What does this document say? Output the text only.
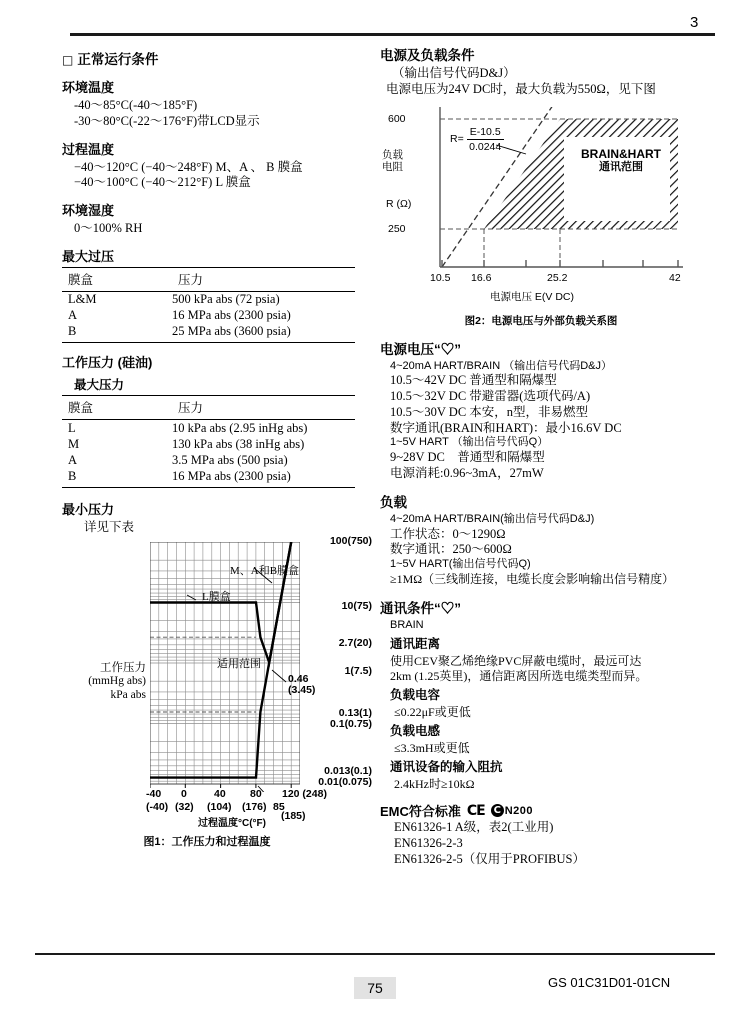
3
□ 正常运行条件
环境温度
-40～85°C(-40～185°F)
-30～80°C(-22～176°F)带LCD显示
过程温度
−40～120°C (−40～248°F) M、A 、 B 膜盒
−40～100°C (−40～212°F) L 膜盒
环境湿度
0～100% RH
最大过压
膜盒	压力
L&M	500 kPa abs (72 psia)
A	16 MPa abs (2300 psia)
B	25 MPa abs (3600 psia)

工作压力 (硅油)
最大压力
膜盒	压力
L	10 kPa abs (2.95 inHg abs)
M	130 kPa abs (38 inHg abs)
A	3.5 MPa abs (500 psia)
B	16 MPa abs (2300 psia)

最小压力
详见下表
100(750)
10(75)
2.7(20)
1(7.5)
0.13(1)
0.1(0.75)
0.013(0.1)
0.01(0.075)
工作压力
(mmHg abs)
kPa abs
M、A和B膜盒
L膜盒
适用范围
0.46
(3.45)
-40
(-40)
0
(32)
40
(104)
80
(176)
120 (248)
85
(185)
过程温度°C(°F)
图1：工作压力和过程温度
电源及负载条件
（输出信号代码D&J）
电源电压为24V DC时，最大负载为550Ω，见下图
600
250
负载
电阻
R (Ω)
$R= \frac{E-10.5}{0.0244}$
BRAIN&HART
通讯范围
10.5 16.6	25.2	42
电源电压 E(V DC)
图2：电源电压与外部负载关系图
电源电压“♡”
4~20mA HART/BRAIN （输出信号代码D&J）
10.5～42V DC 普通型和隔爆型
10.5～32V DC 带避雷器(选项代码/A)
10.5～30V DC 本安，n型，非易燃型
数字通讯(BRAIN和HART)：最小16.6V DC
1~5V HART （输出信号代码Q）
9~28V DC　普通型和隔爆型
电源消耗:0.96~3mA，27mW
负载
4~20mA HART/BRAIN(输出信号代码D&J)
工作状态：0～1290Ω
数字通讯：250～600Ω
1~5V HART(输出信号代码Q)
≥1MΩ（三线制连接，电缆长度会影响输出信号精度）
通讯条件“♡”
BRAIN
通讯距离
使用CEV聚乙烯绝缘PVC屏蔽电缆时，最远可达
2km (1.25英里)，通信距离因所选电缆类型而异。
负载电容
≤0.22μF或更低
负载电感
≤3.3mH或更低
通讯设备的输入阻抗
2.4kHz时≥10kΩ
EMC符合标准 CE C N200
EN61326-1 A级，表2(工业用)
EN61326-2-3
EN61326-2-5（仅用于PROFIBUS）
75	GS 01C31D01-01CN
